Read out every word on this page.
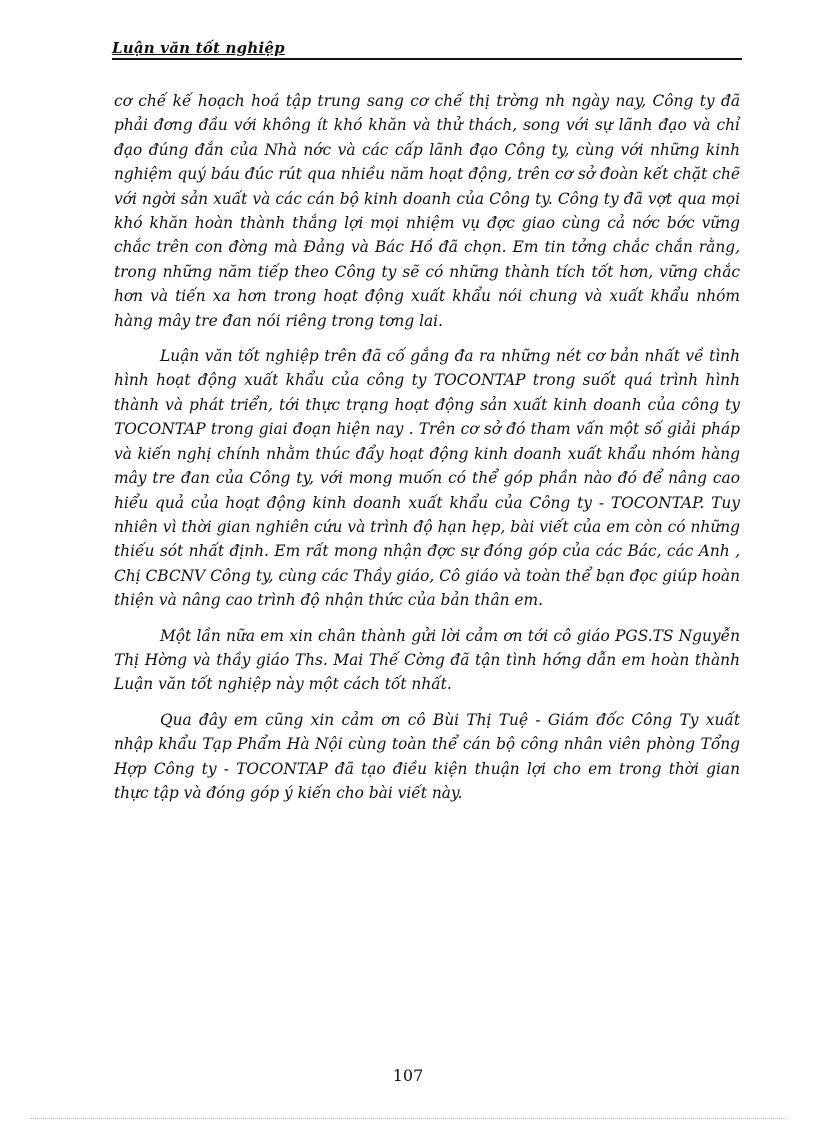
Luận văn tốt nghiệp

cơ chế kế hoạch hoá tập trung sang cơ chế thị trờng nh ngày nay, Công ty đã phải đơng đầu với không ít khó khăn và thử thách, song với sự lãnh đạo và chỉ đạo đúng đắn của Nhà nớc và các cấp lãnh đạo Công ty, cùng với những kinh nghiệm quý báu đúc rút qua nhiều năm hoạt động, trên cơ sở đoàn kết chặt chẽ với ngời sản xuất và các cán bộ kinh doanh của Công ty. Công ty đã vợt qua mọi khó khăn hoàn thành thắng lợi mọi nhiệm vụ đợc giao cùng cả nớc bớc vững chắc trên con đờng mà Đảng và Bác Hồ đã chọn. Em tin tởng chắc chắn rằng, trong những năm tiếp theo Công ty sẽ có những thành tích tốt hơn, vững chắc hơn và tiến xa hơn trong hoạt động xuất khẩu nói chung và xuất khẩu nhóm hàng mây tre đan nói riêng trong tơng lai.

Luận văn tốt nghiệp trên đã cố gắng đa ra những nét cơ bản nhất về tình hình hoạt động xuất khẩu của công ty TOCONTAP trong suốt quá trình hình thành và phát triển, tới thực trạng hoạt động sản xuất kinh doanh của công ty TOCONTAP trong giai đoạn hiện nay . Trên cơ sở đó tham vấn một số giải pháp và kiến nghị chính nhằm thúc đẩy hoạt động kinh doanh xuất khẩu nhóm hàng mây tre đan của Công ty, với mong muốn có thể góp phần nào đó để nâng cao hiểu quả của hoạt động kinh doanh xuất khẩu của Công ty - TOCONTAP. Tuy nhiên vì thời gian nghiên cứu và trình độ hạn hẹp, bài viết của em còn có những thiếu sót nhất định. Em rất mong nhận đợc sự đóng góp của các Bác, các Anh , Chị CBCNV Công ty, cùng các Thầy giáo, Cô giáo và toàn thể bạn đọc giúp hoàn thiện và nâng cao trình độ nhận thức của bản thân em.

Một lần nữa em xin chân thành gửi lời cảm ơn tới cô giáo PGS.TS Nguyễn Thị Hờng và thầy giáo Ths. Mai Thế Cờng đã tận tình hớng dẫn em hoàn thành Luận văn tốt nghiệp này một cách tốt nhất.

Qua đây em cũng xin cảm ơn cô Bùi Thị Tuệ - Giám đốc Công Ty xuất nhập khẩu Tạp Phẩm Hà Nội cùng toàn thể cán bộ công nhân viên phòng Tổng Hợp Công ty - TOCONTAP đã tạo điều kiện thuận lợi cho em trong thời gian thực tập và đóng góp ý kiến cho bài viết này.

107
